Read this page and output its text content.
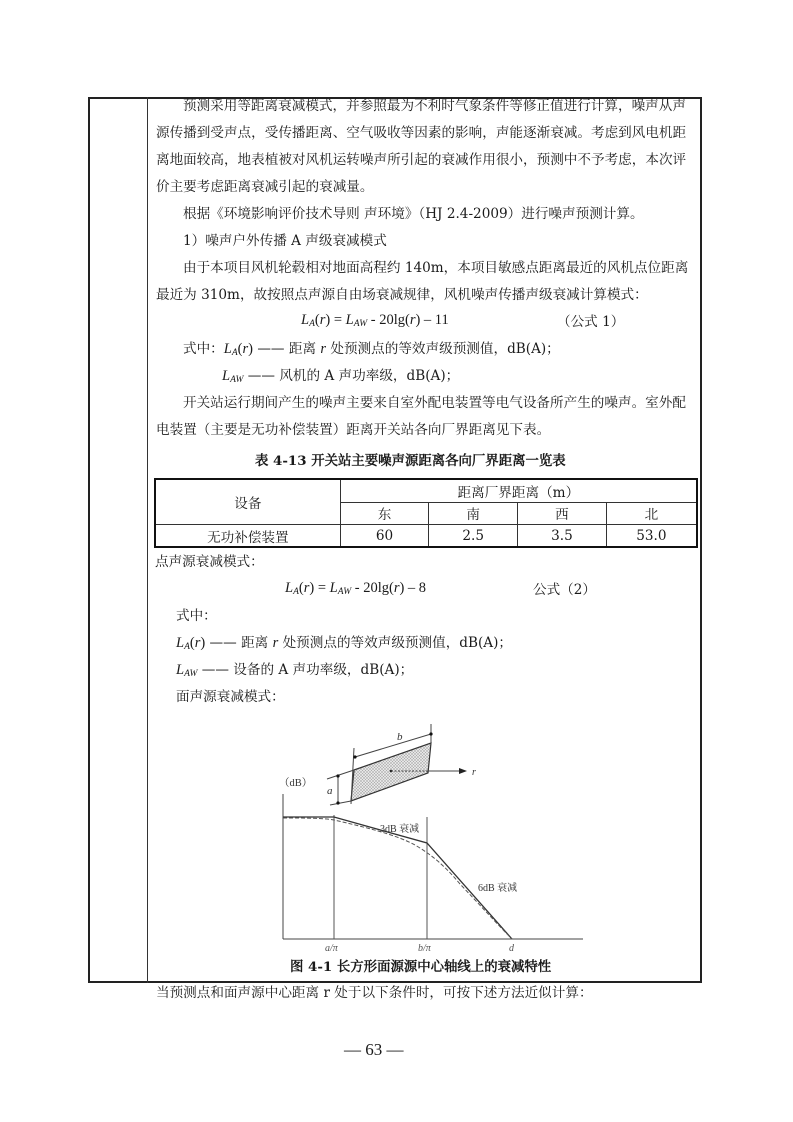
预测采用等距离衰减模式，并参照最为不利时气象条件等修正值进行计算，噪声从声
源传播到受声点，受传播距离、空气吸收等因素的影响，声能逐渐衰减。考虑到风电机距
离地面较高，地表植被对风机运转噪声所引起的衰减作用很小，预测中不予考虑，本次评
价主要考虑距离衰减引起的衰减量。
根据《环境影响评价技术导则 声环境》（HJ 2.4-2009）进行噪声预测计算。
1）噪声户外传播 A 声级衰减模式
由于本项目风机轮毂相对地面高程约 140m，本项目敏感点距离最近的风机点位距离
最近为 310m，故按照点声源自由场衰减规律，风机噪声传播声级衰减计算模式：
$L_A(r) = L_{AW} - 20\lg(r) - 11$	（公式 1）
式中：$L_A(r)$ —— 距离 r 处预测点的等效声级预测值，dB(A)；
$L_{AW}$ —— 风机的 A 声功率级，dB(A)；
开关站运行期间产生的噪声主要来自室外配电装置等电气设备所产生的噪声。室外配
电装置（主要是无功补偿装置）距离开关站各向厂界距离见下表。
表 4-13 开关站主要噪声源距离各向厂界距离一览表
设备	距离厂界距离（m）			
	东	南	西	北
无功补偿装置	60	2.5	3.5	53.0
点声源衰减模式：
$L_A(r) = L_{AW} - 20\lg(r) - 8$	公式（2）
式中：
$L_A(r)$ —— 距离 r 处预测点的等效声级预测值，dB(A)；
$L_{AW}$ —— 设备的 A 声功率级，dB(A)；
面声源衰减模式：
b
a
r
（dB）
3dB 衰减
6dB 衰减
a/π	b/π	d
图 4-1 长方形面源源中心轴线上的衰减特性
当预测点和面声源中心距离 r 处于以下条件时，可按下述方法近似计算：
— 63 —
